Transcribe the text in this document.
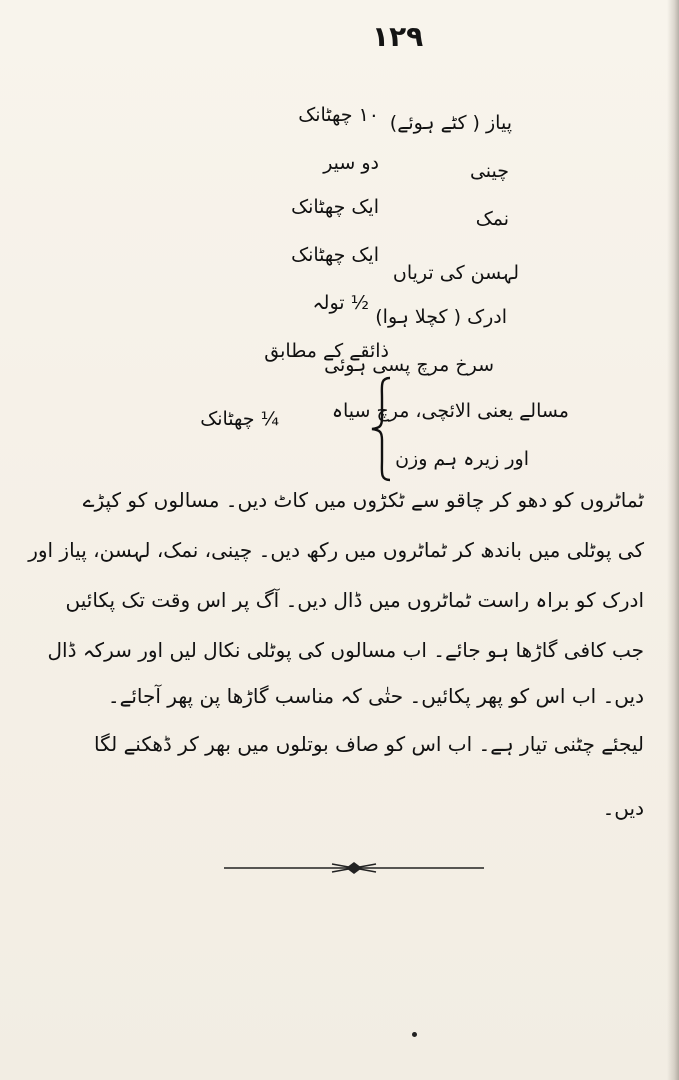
۱۲۹
پیاز ( کٹے ہوئے)
چینی
نمک
لہسن کی تریاں
ادرک ( کچلا ہوا)
سرخ مرچ پسی ہوئی
۱۰ چھٹانک
دو سیر
ایک چھٹانک
ایک چھٹانک
½ تولہ
ذائقے کے مطابق
مسالے یعنی الائچی، مرچ سیاہ
اور زیرہ ہم وزن
¼ چھٹانک
ٹماٹروں کو دھو کر چاقو سے ٹکڑوں میں کاٹ دیں۔ مسالوں کو کپڑے
کی پوٹلی میں باندھ کر ٹماٹروں میں رکھ دیں۔ چینی، نمک، لہسن، پیاز اور
ادرک کو براہ راست ٹماٹروں میں ڈال دیں۔ آگ پر اس وقت تک پکائیں
جب کافی گاڑھا ہو جائے۔ اب مسالوں کی پوٹلی نکال لیں اور سرکہ ڈال
دیں۔ اب اس کو پھر پکائیں۔ حتٰی کہ مناسب گاڑھا پن پھر آجائے۔
لیجئے چٹنی تیار ہے۔ اب اس کو صاف بوتلوں میں بھر کر ڈھکنے لگا
دیں۔
